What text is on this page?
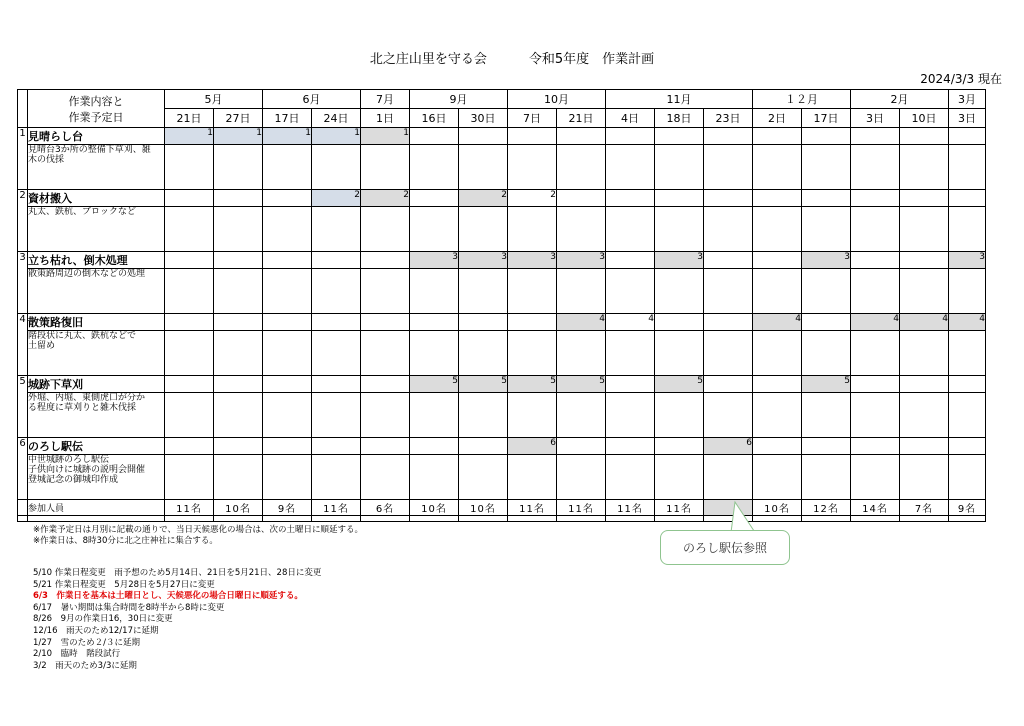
北之庄山里を守る会	令和5年度　作業計画
2024/3/3 現在

	作業内容と
作業予定日	5月		6月		7月	9月		10月		11月			１２月		2月		3月
		21日	27日	17日	24日	1日	16日	30日	7日	21日	4日	18日	23日	2日	17日	3日	10日	3日
1	見晴らし台	1	1	1	1	1												
	見晴台3か所の整備下草刈、雑
木の伐採																	
2	資材搬入				2	2		2	2									
	丸太、鉄杭、ブロックなど																	
3	立ち枯れ、倒木処理						3	3	3	3		3			3			3
	散策路周辺の倒木などの処理																	
4	散策路復旧									4	4			4		4	4	4
	階段状に丸太、鉄杭などで
土留め																	
5	城跡下草刈						5	5	5	5		5			5			
	外堀、内堀、東側虎口が分か
る程度に草刈りと雑木伐採																	
6	のろし駅伝								6				6					
	中世城跡のろし駅伝
子供向けに城跡の説明会開催
登城記念の御城印作成																	
	参加人員	11名	10名	9名	11名	6名	10名	10名	11名	11名	11名	11名		10名	12名	14名	7名	9名

のろし駅伝参照
※作業予定日は月別に記載の通りで、当日天候悪化の場合は、次の土曜日に順延する。
※作業日は、8時30分に北之庄神社に集合する。
5/10 作業日程変更　雨予想のため5月14日、21日を5月21日、28日に変更
5/21 作業日程変更　5月28日を5月27日に変更
6/3　作業日を基本は土曜日とし、天候悪化の場合日曜日に順延する。
6/17　暑い期間は集合時間を8時半から8時に変更
8/26　9月の作業日16，30日に変更
12/16　雨天のため12/17に延期
1/27　雪のため２/３に延期
2/10　臨時　階段試行
3/2　雨天のため3/3に延期
